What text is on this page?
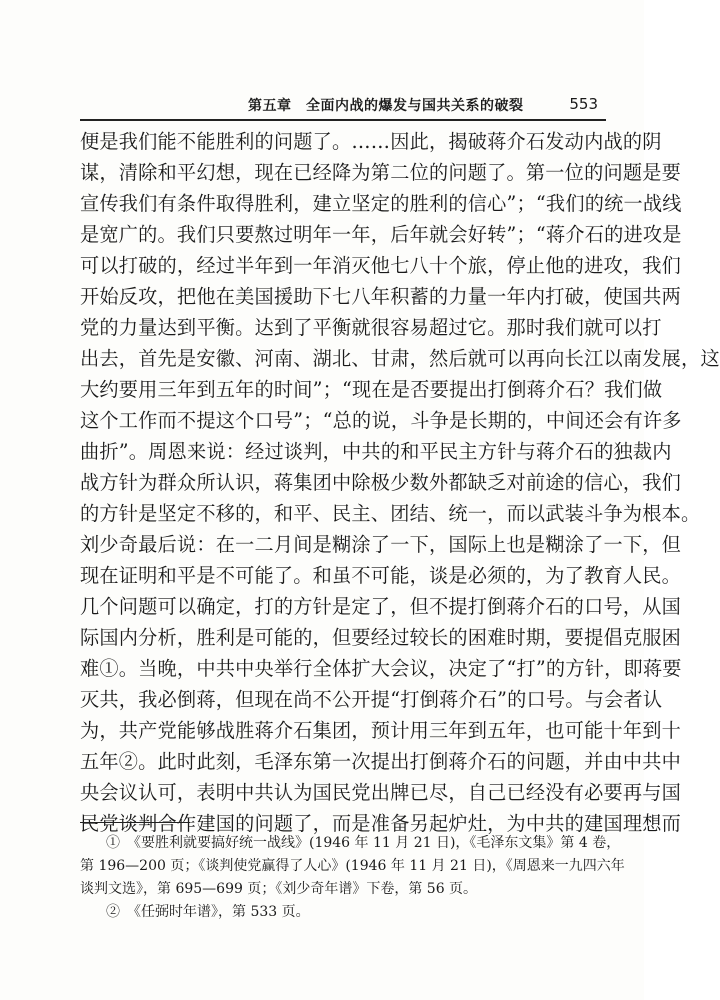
第五章　全面内战的爆发与国共关系的破裂	553
便是我们能不能胜利的问题了。……因此，揭破蒋介石发动内战的阴
谋，清除和平幻想，现在已经降为第二位的问题了。第一位的问题是要
宣传我们有条件取得胜利，建立坚定的胜利的信心”；“我们的统一战线
是宽广的。我们只要熬过明年一年，后年就会好转”；“蒋介石的进攻是
可以打破的，经过半年到一年消灭他七八十个旅，停止他的进攻，我们
开始反攻，把他在美国援助下七八年积蓄的力量一年内打破，使国共两
党的力量达到平衡。达到了平衡就很容易超过它。那时我们就可以打
出去，首先是安徽、河南、湖北、甘肃，然后就可以再向长江以南发展，这
大约要用三年到五年的时间”；“现在是否要提出打倒蒋介石？我们做
这个工作而不提这个口号”；“总的说，斗争是长期的，中间还会有许多
曲折”。周恩来说：经过谈判，中共的和平民主方针与蒋介石的独裁内
战方针为群众所认识，蒋集团中除极少数外都缺乏对前途的信心，我们
的方针是坚定不移的，和平、民主、团结、统一，而以武装斗争为根本。
刘少奇最后说：在一二月间是糊涂了一下，国际上也是糊涂了一下，但
现在证明和平是不可能了。和虽不可能，谈是必须的，为了教育人民。
几个问题可以确定，打的方针是定了，但不提打倒蒋介石的口号，从国
际国内分析，胜利是可能的，但要经过较长的困难时期，要提倡克服困
难①。当晚，中共中央举行全体扩大会议，决定了“打”的方针，即蒋要
灭共，我必倒蒋，但现在尚不公开提“打倒蒋介石”的口号。与会者认
为，共产党能够战胜蒋介石集团，预计用三年到五年，也可能十年到十
五年②。此时此刻，毛泽东第一次提出打倒蒋介石的问题，并由中共中
央会议认可，表明中共认为国民党出牌已尽，自己已经没有必要再与国
民党谈判合作建国的问题了，而是准备另起炉灶，为中共的建国理想而
①　《要胜利就要搞好统一战线》(1946 年 11 月 21 日)，《毛泽东文集》第 4 卷，
第 196—200 页；《谈判使党赢得了人心》(1946 年 11 月 21 日)，《周恩来一九四六年
谈判文选》，第 695—699 页；《刘少奇年谱》下卷，第 56 页。
②　《任弼时年谱》，第 533 页。
